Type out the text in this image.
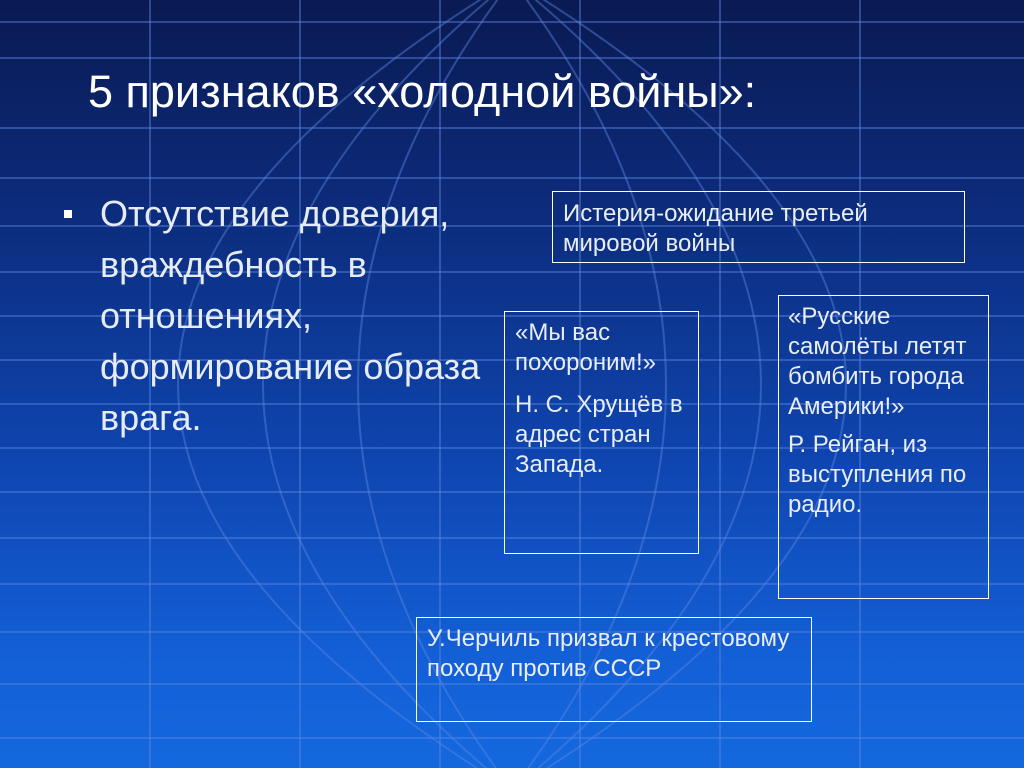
5 признаков «холодной войны»:

Отсутствие доверия, враждебность в отношениях, формирование образа врага.

Истерия-ожидание третьей мировой войны

«Мы вас похороним!»

Н. С. Хрущёв в адрес стран Запада.

«Русские самолёты летят бомбить города Америки!»

Р. Рейган, из выступления по радио.

У.Черчиль призвал к крестовому походу против СССР
